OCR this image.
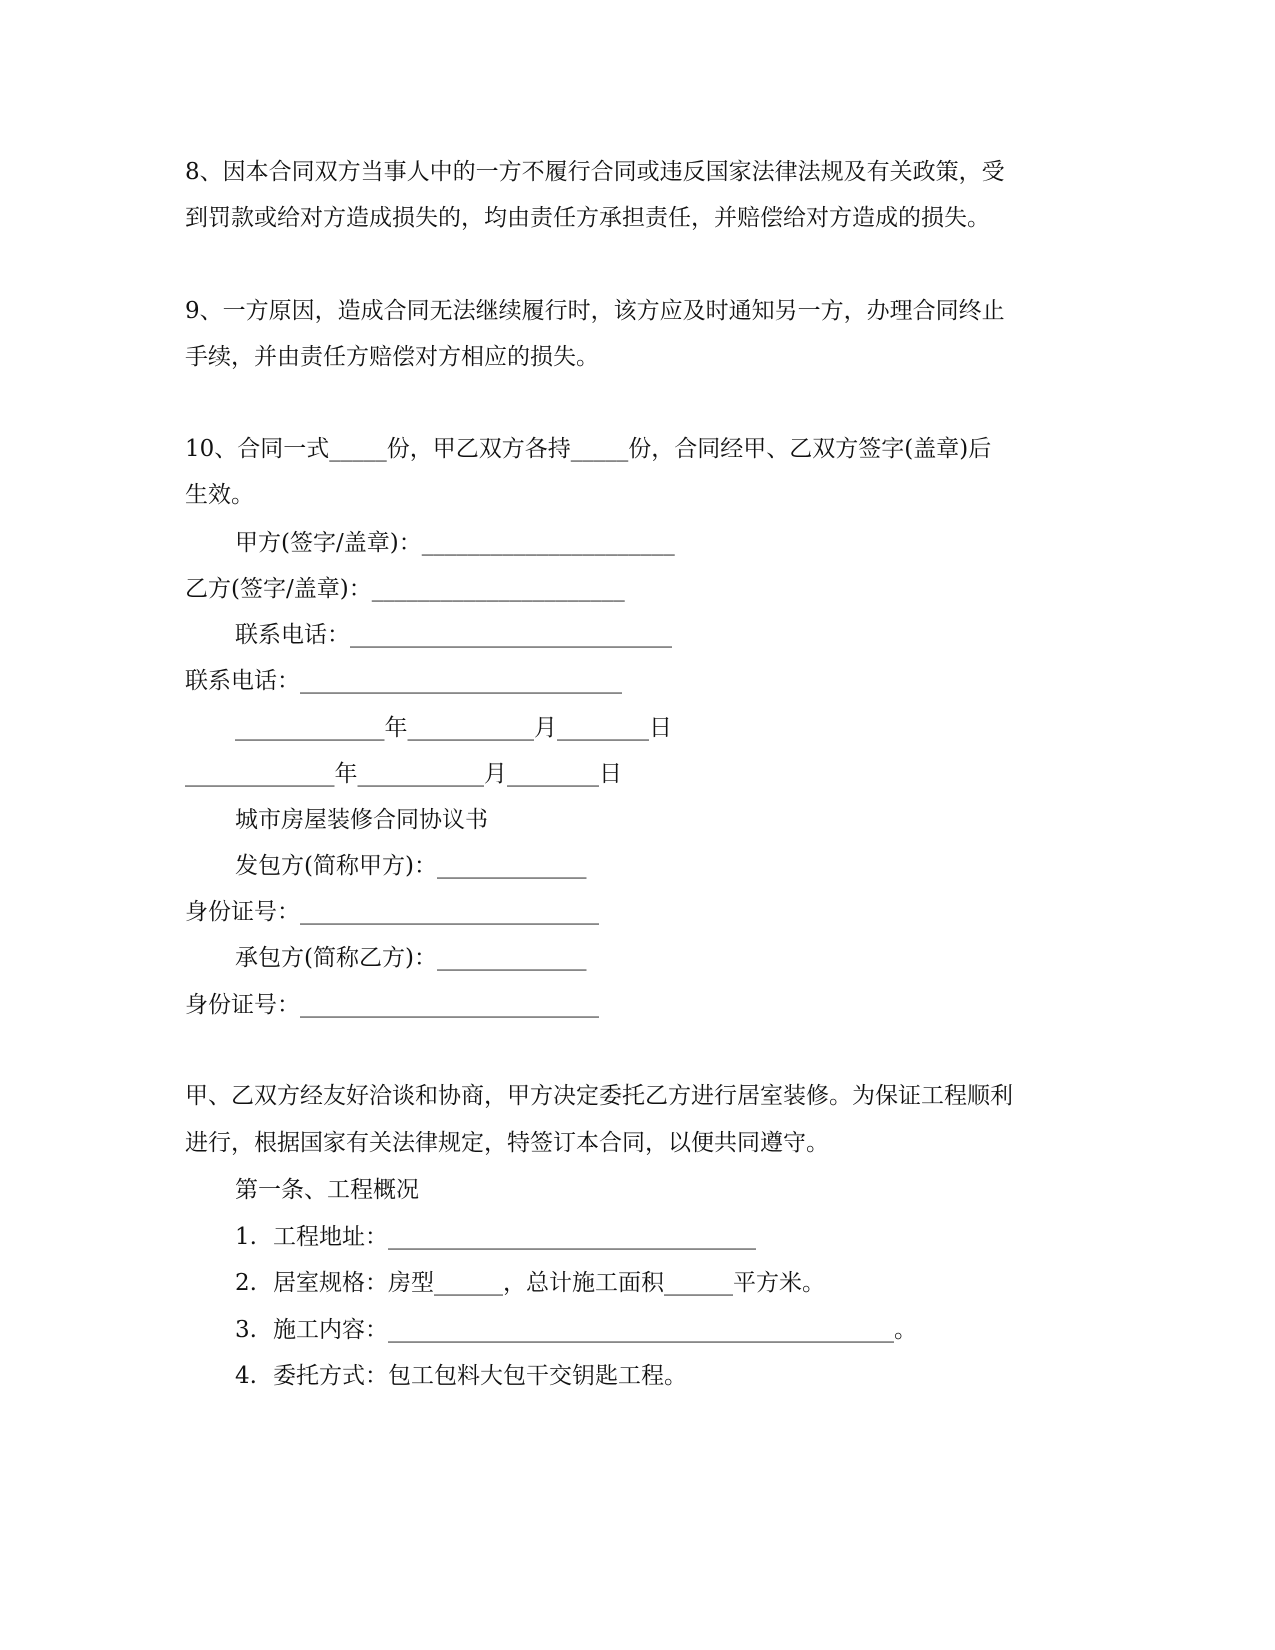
8、因本合同双方当事人中的一方不履行合同或违反国家法律法规及有关政策，受
到罚款或给对方造成损失的，均由责任方承担责任，并赔偿给对方造成的损失。
9、一方原因，造成合同无法继续履行时，该方应及时通知另一方，办理合同终止
手续，并由责任方赔偿对方相应的损失。
10、合同一式_____份，甲乙双方各持_____份，合同经甲、乙双方签字(盖章)后
生效。
甲方(签字/盖章)：______________________
乙方(签字/盖章)：______________________
联系电话：____________________________
联系电话：____________________________
_____________年___________月________日
_____________年___________月________日
城市房屋装修合同协议书
发包方(简称甲方)：_____________
身份证号：__________________________
承包方(简称乙方)：_____________
身份证号：__________________________
甲、乙双方经友好洽谈和协商，甲方决定委托乙方进行居室装修。为保证工程顺利
进行，根据国家有关法律规定，特签订本合同，以便共同遵守。
第一条、工程概况
1. 工程地址：________________________________
2. 居室规格：房型______，总计施工面积______平方米。
3. 施工内容：____________________________________________。
4. 委托方式：包工包料大包干交钥匙工程。
